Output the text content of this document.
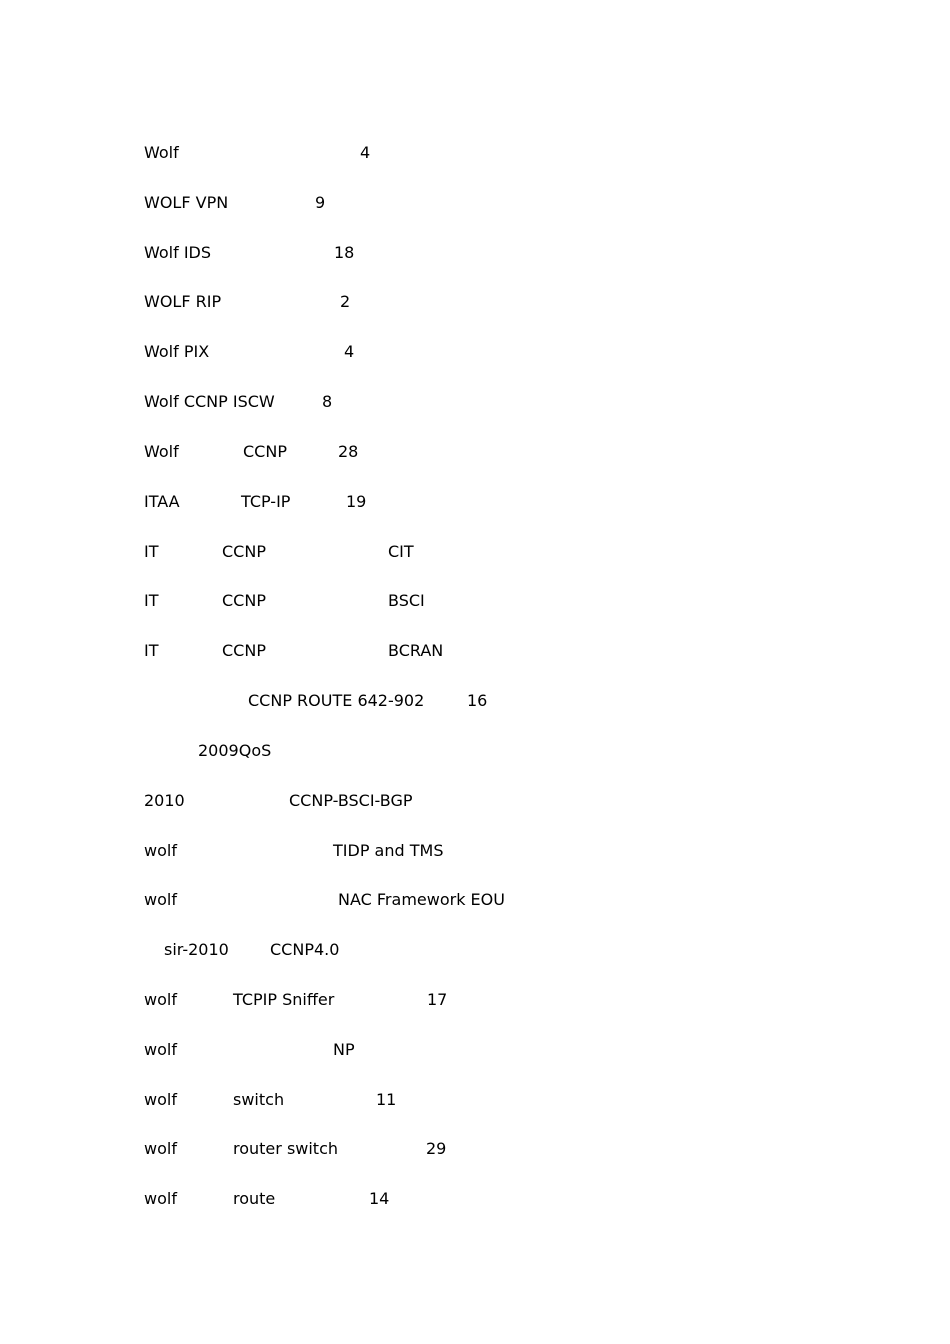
Wolf	4
WOLF VPN	9
Wolf IDS	18
WOLF RIP	2
Wolf PIX	4
Wolf CCNP ISCW	8
Wolf	CCNP	28
ITAA	TCP-IP	19
IT	CCNP	CIT
IT	CCNP	BSCI
IT	CCNP	BCRAN
CCNP ROUTE 642-902	16
2009QoS
2010	CCNP-BSCI-BGP
wolf	TIDP and TMS
wolf	NAC Framework EOU
sir-2010	CCNP4.0
wolf	TCPIP Sniffer	17
wolf	NP
wolf	switch	11
wolf	router switch	29
wolf	route	14
